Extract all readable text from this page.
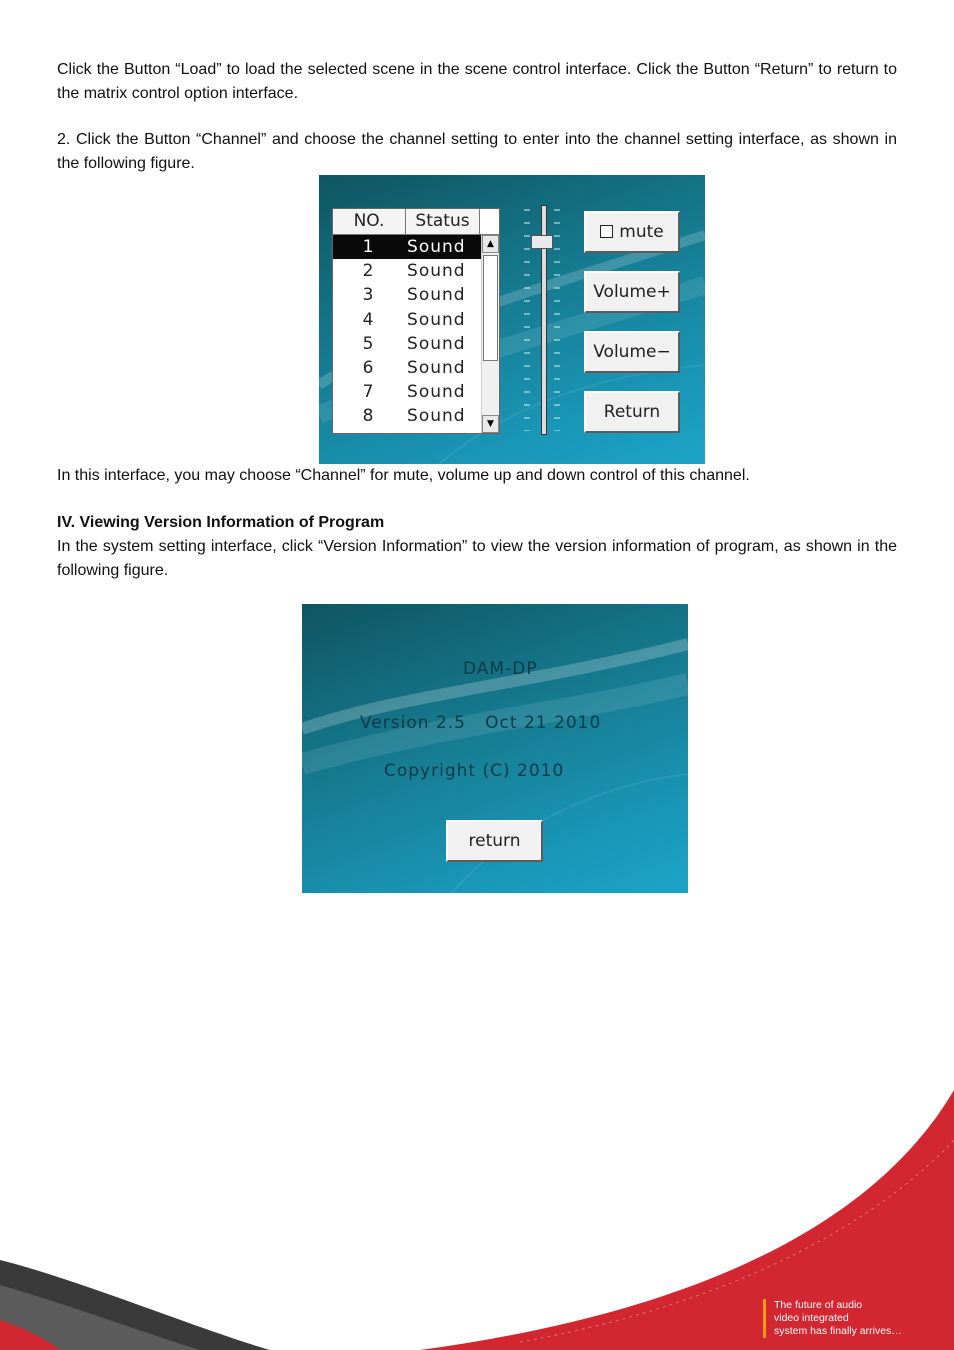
Click the Button “Load” to load the selected scene in the scene control interface. Click the Button “Return” to return to the matrix control option interface.

2. Click the Button “Channel” and choose the channel setting to enter into the channel setting interface, as shown in the following figure.

NO.	Status
1	Sound
2	Sound
3	Sound
4	Sound
5	Sound
6	Sound
7	Sound
8	Sound
▲
▼
mute
Volume+
Volume−
Return

In this interface, you may choose “Channel” for mute, volume up and down control of this channel.

IV. Viewing Version Information of Program

In the system setting interface, click “Version Information” to view the version information of program, as shown in the following figure.

DAM-DP
Version 2.5   Oct 21 2010
Copyright (C) 2010
return
The future of audio
video integrated
system has finally arrives…
